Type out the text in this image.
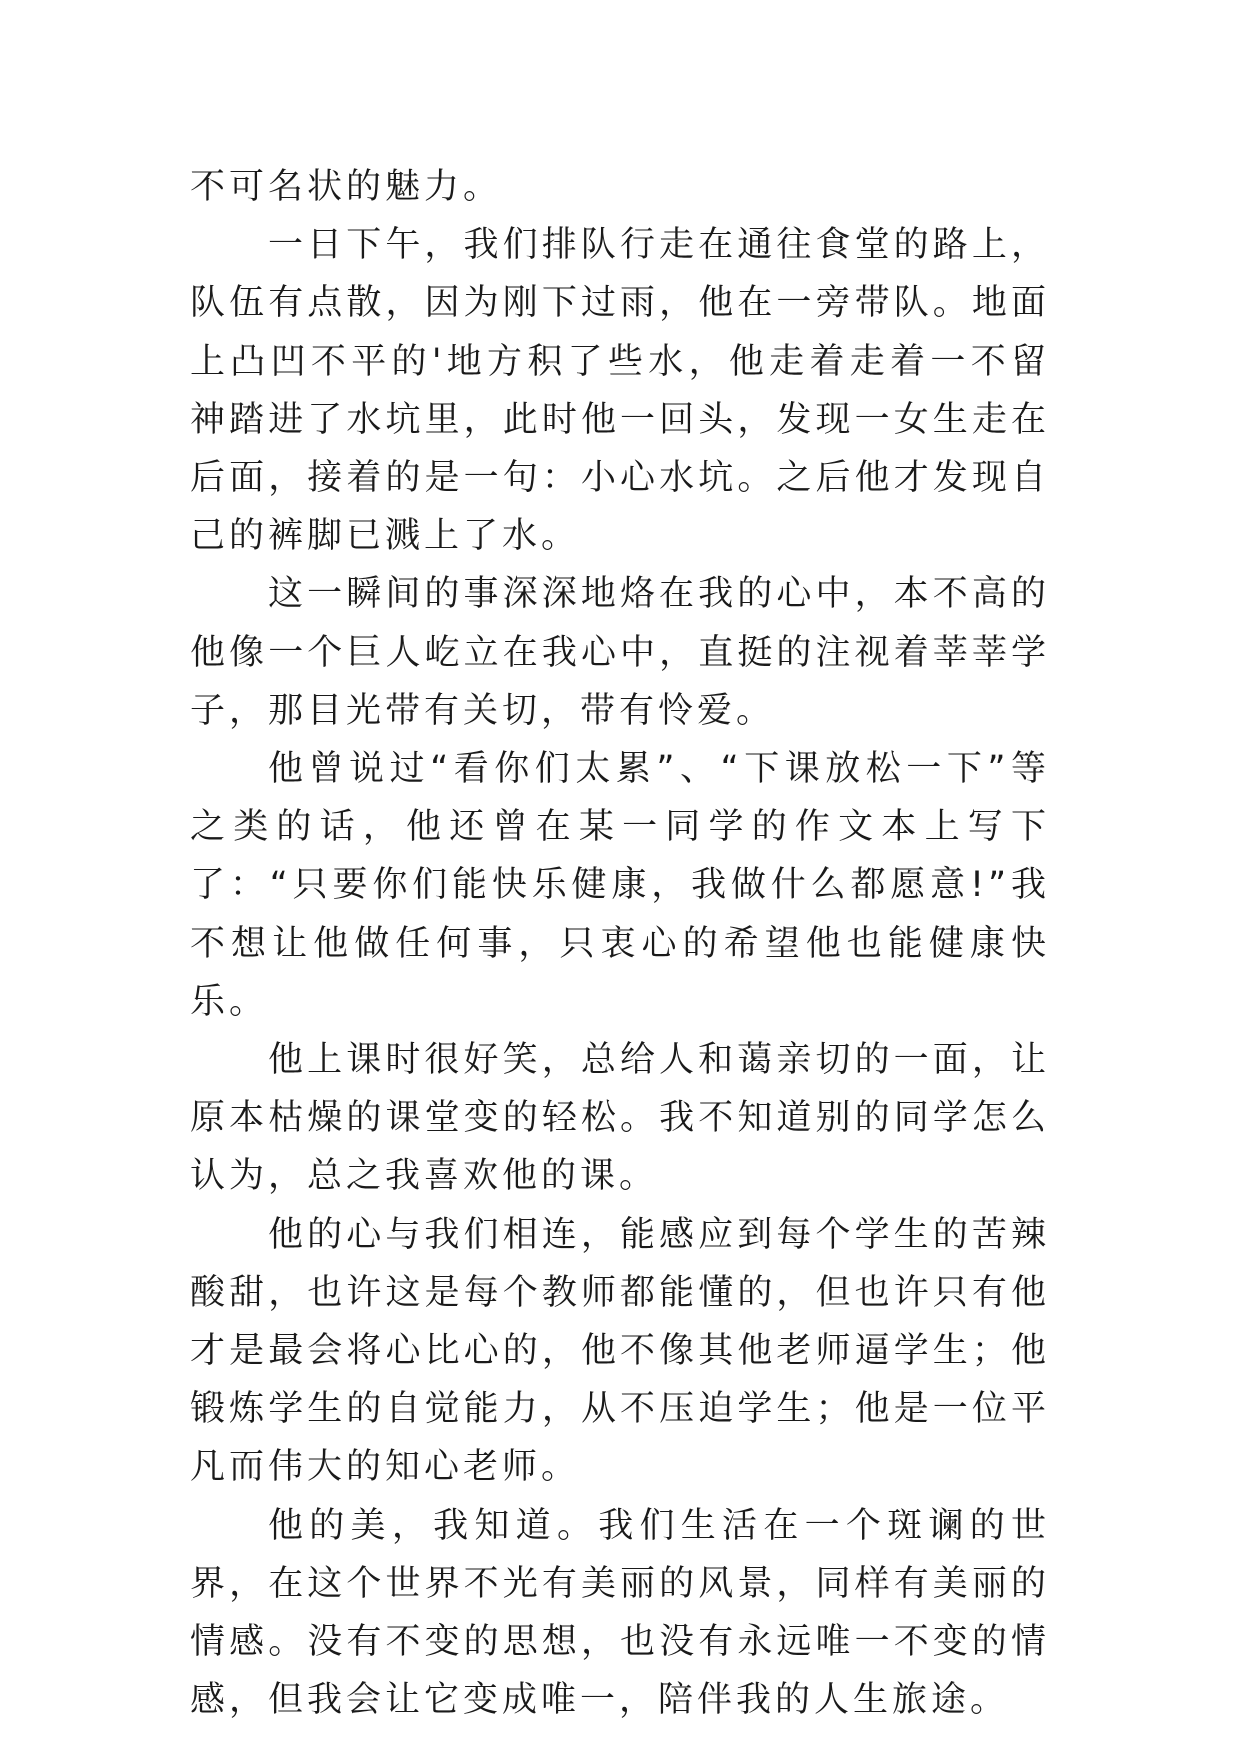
不可名状的魅力。

一日下午，我们排队行走在通往食堂的路上，队伍有点散，因为刚下过雨，他在一旁带队。地面上凸凹不平的'地方积了些水，他走着走着一不留神踏进了水坑里，此时他一回头，发现一女生走在后面，接着的是一句：小心水坑。之后他才发现自己的裤脚已溅上了水。

这一瞬间的事深深地烙在我的心中，本不高的他像一个巨人屹立在我心中，直挺的注视着莘莘学子，那目光带有关切，带有怜爱。

他曾说过“看你们太累”、“下课放松一下”等之类的话，他还曾在某一同学的作文本上写下了：“只要你们能快乐健康，我做什么都愿意!”我不想让他做任何事，只衷心的希望他也能健康快乐。

他上课时很好笑，总给人和蔼亲切的一面，让原本枯燥的课堂变的轻松。我不知道别的同学怎么认为，总之我喜欢他的课。

他的心与我们相连，能感应到每个学生的苦辣酸甜，也许这是每个教师都能懂的，但也许只有他才是最会将心比心的，他不像其他老师逼学生；他锻炼学生的自觉能力，从不压迫学生；他是一位平凡而伟大的知心老师。

他的美，我知道。我们生活在一个斑谰的世界，在这个世界不光有美丽的风景，同样有美丽的情感。没有不变的思想，也没有永远唯一不变的情感，但我会让它变成唯一，陪伴我的人生旅途。
